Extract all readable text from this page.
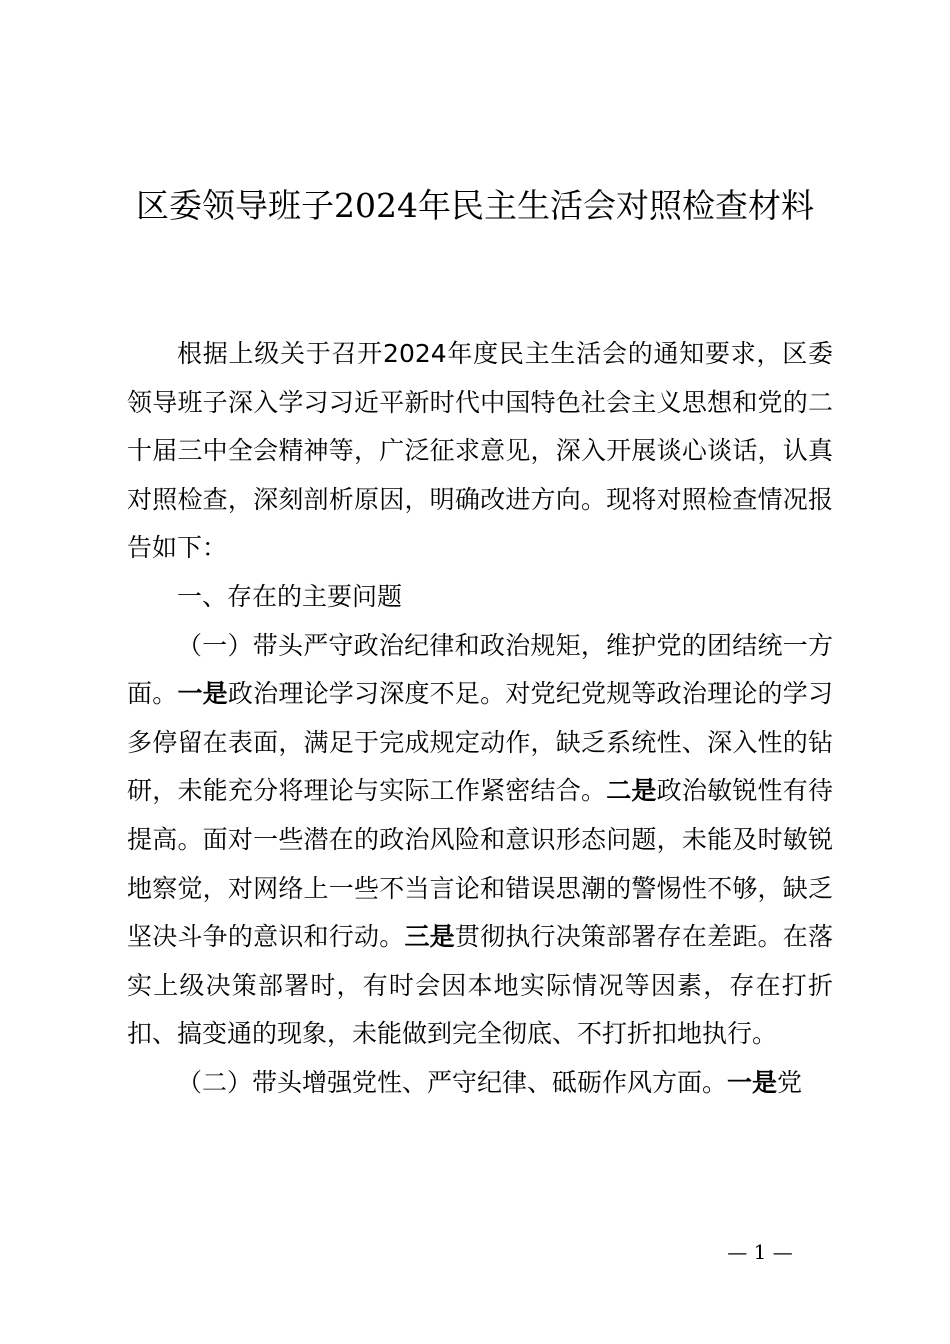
区委领导班子2024年民主生活会对照检查材料

根据上级关于召开2024年度民主生活会的通知要求，区委领导班子深入学习习近平新时代中国特色社会主义思想和党的二十届三中全会精神等，广泛征求意见，深入开展谈心谈话，认真对照检查，深刻剖析原因，明确改进方向。现将对照检查情况报告如下：

一、存在的主要问题

（一）带头严守政治纪律和政治规矩，维护党的团结统一方面。一是政治理论学习深度不足。对党纪党规等政治理论的学习多停留在表面，满足于完成规定动作，缺乏系统性、深入性的钻研，未能充分将理论与实际工作紧密结合。二是政治敏锐性有待提高。面对一些潜在的政治风险和意识形态问题，未能及时敏锐地察觉，对网络上一些不当言论和错误思潮的警惕性不够，缺乏坚决斗争的意识和行动。三是贯彻执行决策部署存在差距。在落实上级决策部署时，有时会因本地实际情况等因素，存在打折扣、搞变通的现象，未能做到完全彻底、不打折扣地执行。

（二）带头增强党性、严守纪律、砥砺作风方面。一是党

— 1 —
